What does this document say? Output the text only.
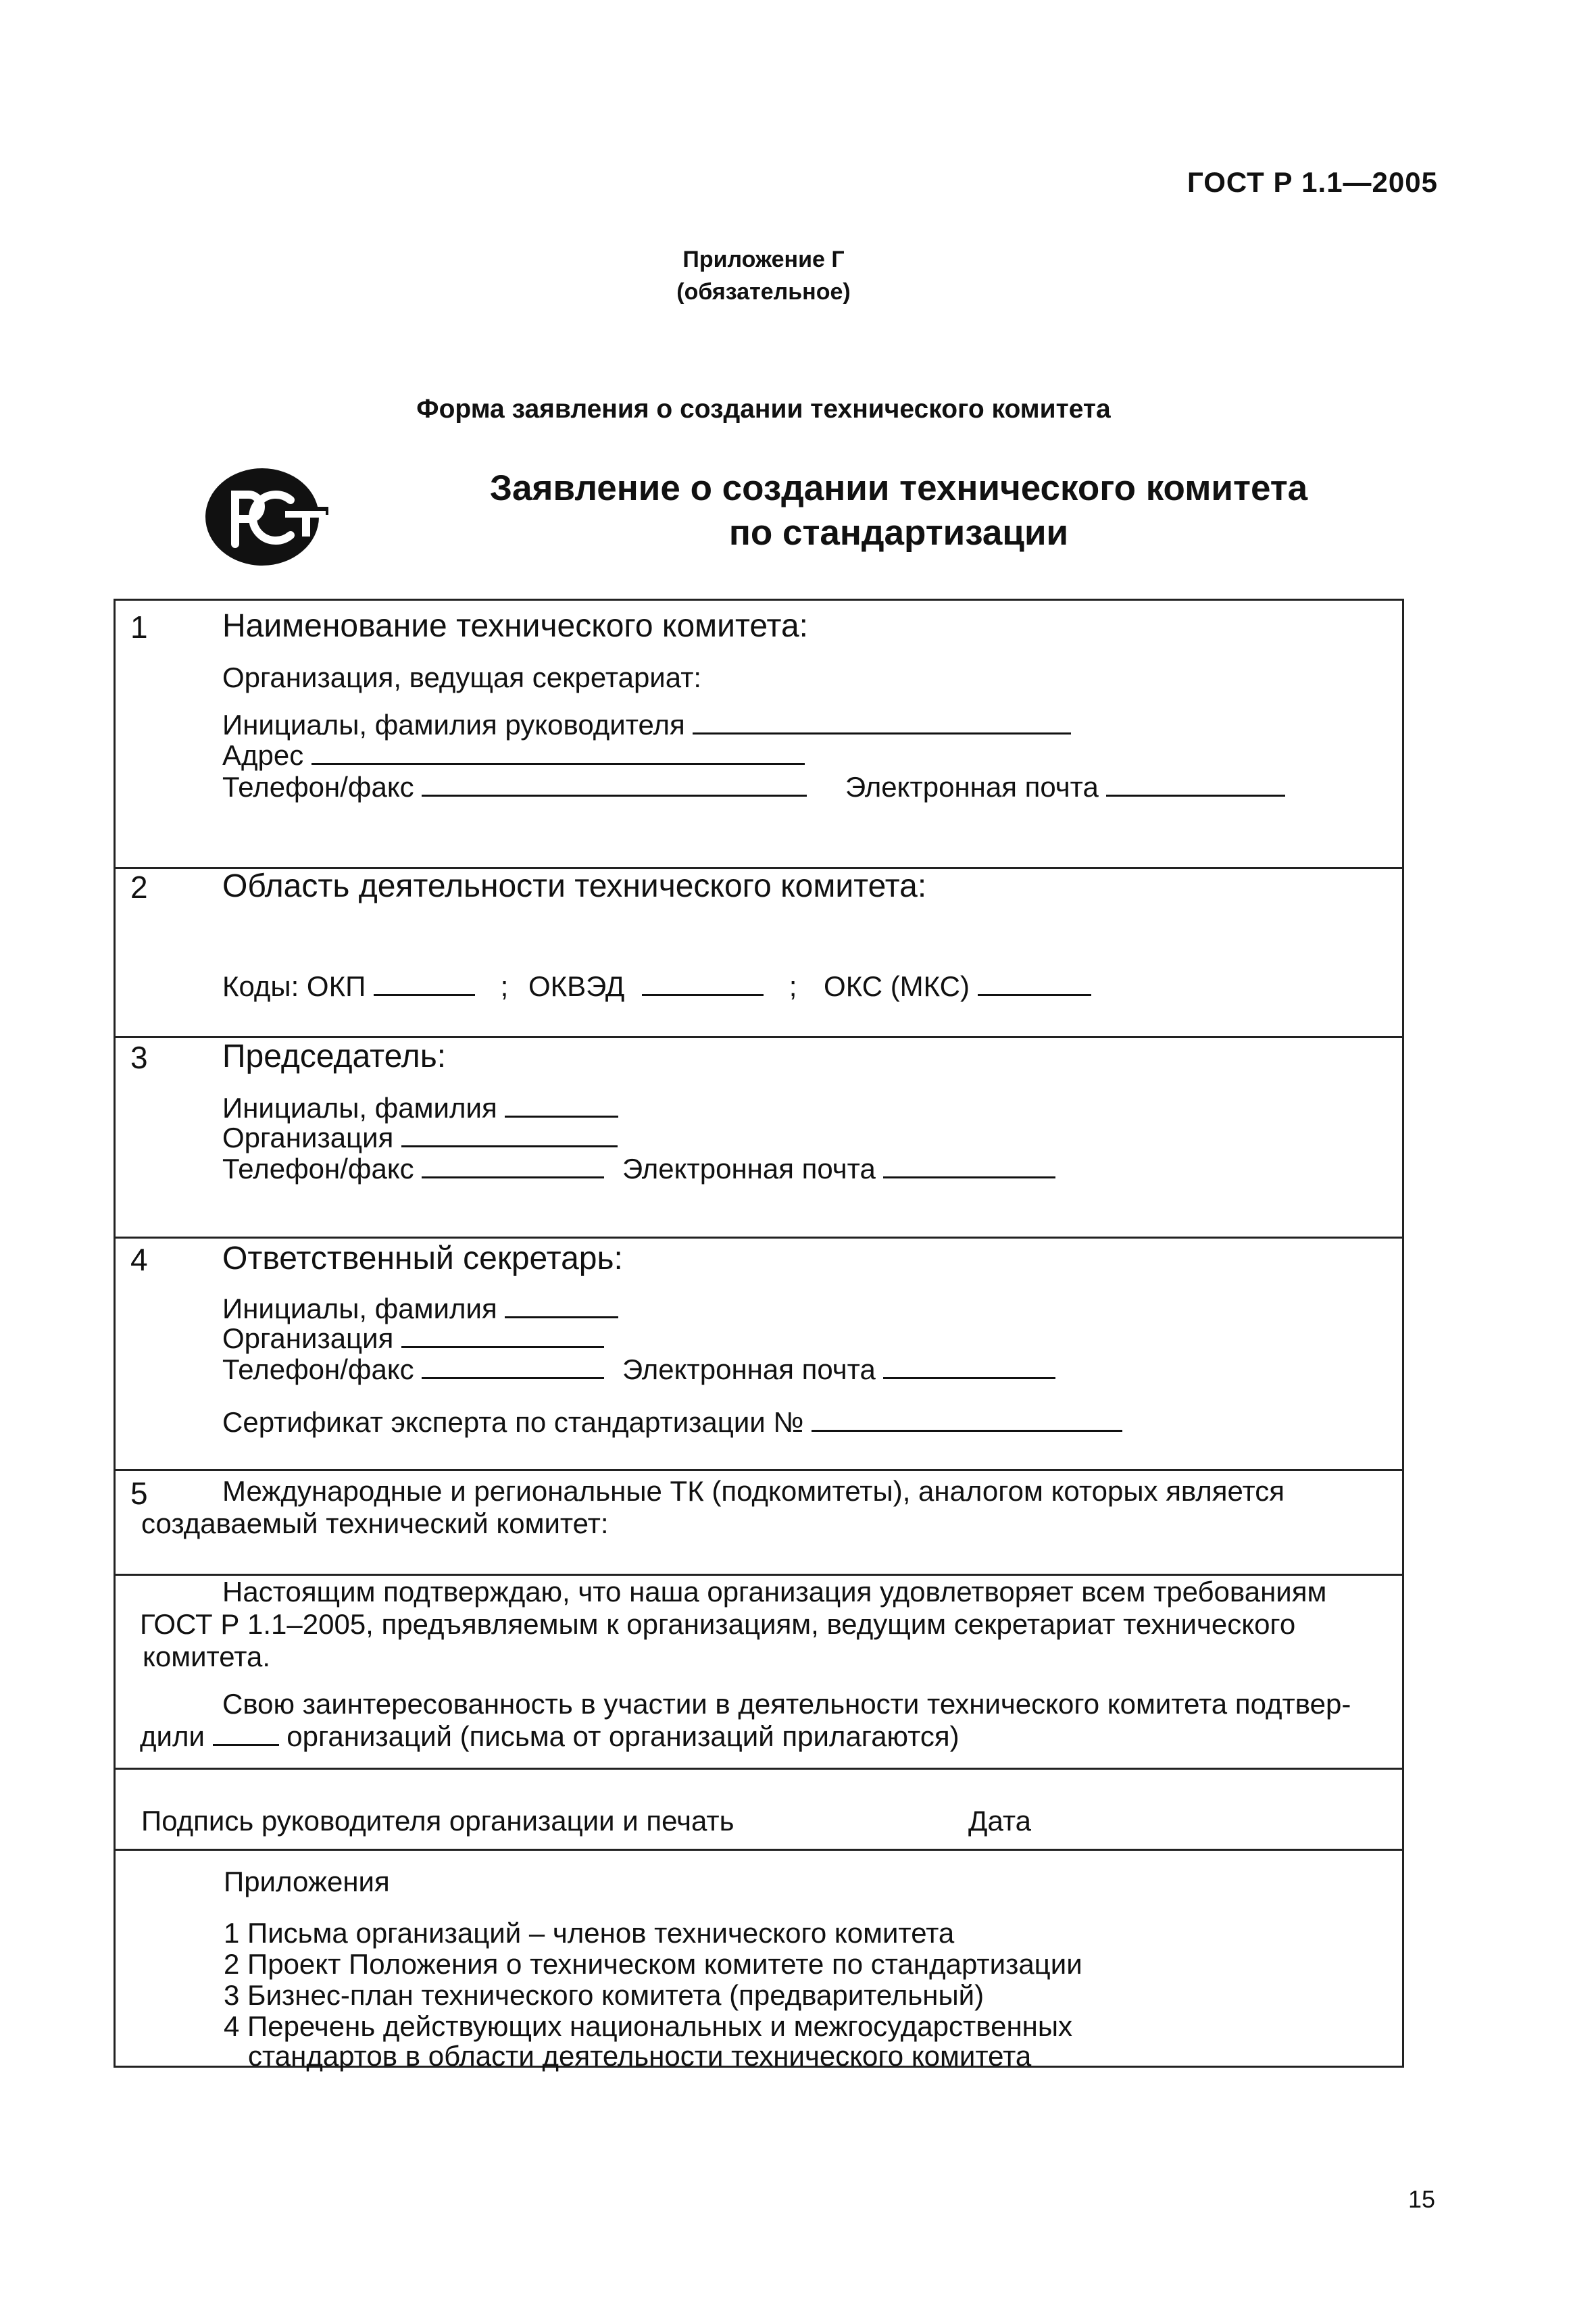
ГОСТ Р 1.1—2005
Приложение Г
(обязательное)
Форма заявления о создании технического комитета
РСТ
Заявление о создании технического комитета
по стандартизации
1 Наименование технического комитета:
Организация, ведущая секретариат:
Инициалы, фамилия руководителя
Адрес
Телефон/факс	Электронная почта
2 Область деятельности технического комитета:
Коды: ОКП	; ОКВЭД	; ОКС (МКС)
3 Председатель:
Инициалы, фамилия
Организация
Телефон/факс	Электронная почта
4 Ответственный секретарь:
Инициалы, фамилия
Организация
Телефон/факс	Электронная почта
Сертификат эксперта по стандартизации №
5	Международные и региональные ТК (подкомитеты), аналогом которых является
создаваемый технический комитет:
Настоящим подтверждаю, что наша организация удовлетворяет всем требованиям
ГОСТ Р 1.1–2005, предъявляемым к организациям, ведущим секретариат технического
комитета.
Свою заинтересованность в участии в деятельности технического комитета подтвер-
дили	организаций (письма от организаций прилагаются)
Подпись руководителя организации и печать	Дата
Приложения
1 Письма организаций – членов технического комитета
2 Проект Положения о техническом комитете по стандартизации
3 Бизнес-план технического комитета (предварительный)
4 Перечень действующих национальных и межгосударственных
стандартов в области деятельности технического комитета
15
